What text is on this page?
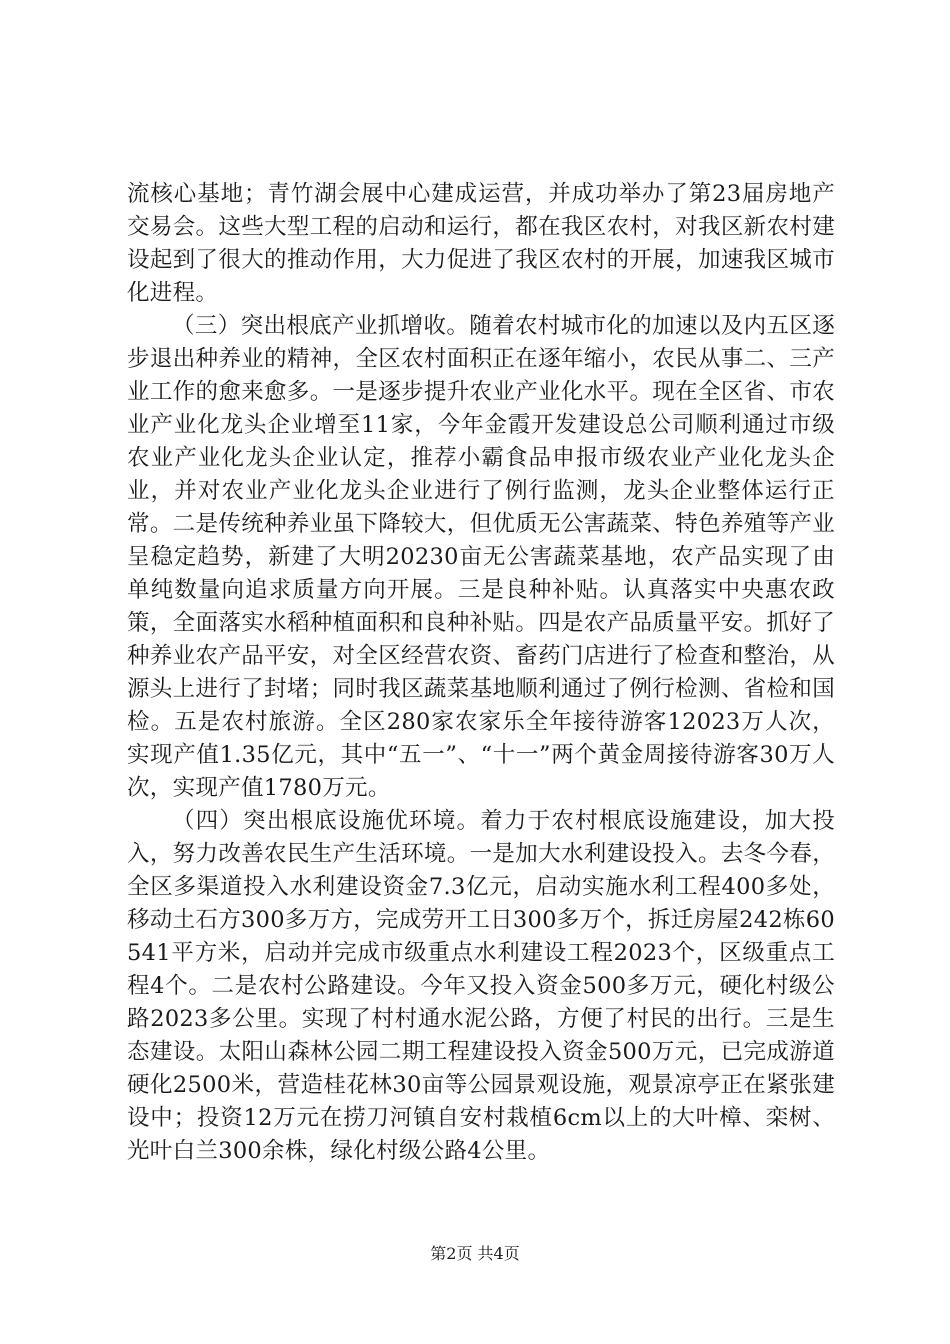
流核心基地；青竹湖会展中心建成运营，并成功举办了第23届房地产交易会。这些大型工程的启动和运行，都在我区农村，对我区新农村建设起到了很大的推动作用，大力促进了我区农村的开展，加速我区城市化进程。

（三）突出根底产业抓增收。随着农村城市化的加速以及内五区逐步退出种养业的精神，全区农村面积正在逐年缩小，农民从事二、三产业工作的愈来愈多。一是逐步提升农业产业化水平。现在全区省、市农业产业化龙头企业增至11家，今年金霞开发建设总公司顺利通过市级农业产业化龙头企业认定，推荐小霸食品申报市级农业产业化龙头企业，并对农业产业化龙头企业进行了例行监测，龙头企业整体运行正常。二是传统种养业虽下降较大，但优质无公害蔬菜、特色养殖等产业呈稳定趋势，新建了大明20230亩无公害蔬菜基地，农产品实现了由单纯数量向追求质量方向开展。三是良种补贴。认真落实中央惠农政策，全面落实水稻种植面积和良种补贴。四是农产品质量平安。抓好了种养业农产品平安，对全区经营农资、畜药门店进行了检查和整治，从源头上进行了封堵；同时我区蔬菜基地顺利通过了例行检测、省检和国检。五是农村旅游。全区280家农家乐全年接待游客12023万人次，实现产值1.35亿元，其中“五一”、“十一”两个黄金周接待游客30万人次，实现产值1780万元。

（四）突出根底设施优环境。着力于农村根底设施建设，加大投入，努力改善农民生产生活环境。一是加大水利建设投入。去冬今春，全区多渠道投入水利建设资金7.3亿元，启动实施水利工程400多处，移动土石方300多万方，完成劳开工日300多万个，拆迁房屋242栋60541平方米，启动并完成市级重点水利建设工程2023个，区级重点工程4个。二是农村公路建设。今年又投入资金500多万元，硬化村级公路2023多公里。实现了村村通水泥公路，方便了村民的出行。三是生态建设。太阳山森林公园二期工程建设投入资金500万元，已完成游道硬化2500米，营造桂花林30亩等公园景观设施，观景凉亭正在紧张建设中；投资12万元在捞刀河镇自安村栽植6cm以上的大叶樟、栾树、光叶白兰300余株，绿化村级公路4公里。

第2页 共4页
